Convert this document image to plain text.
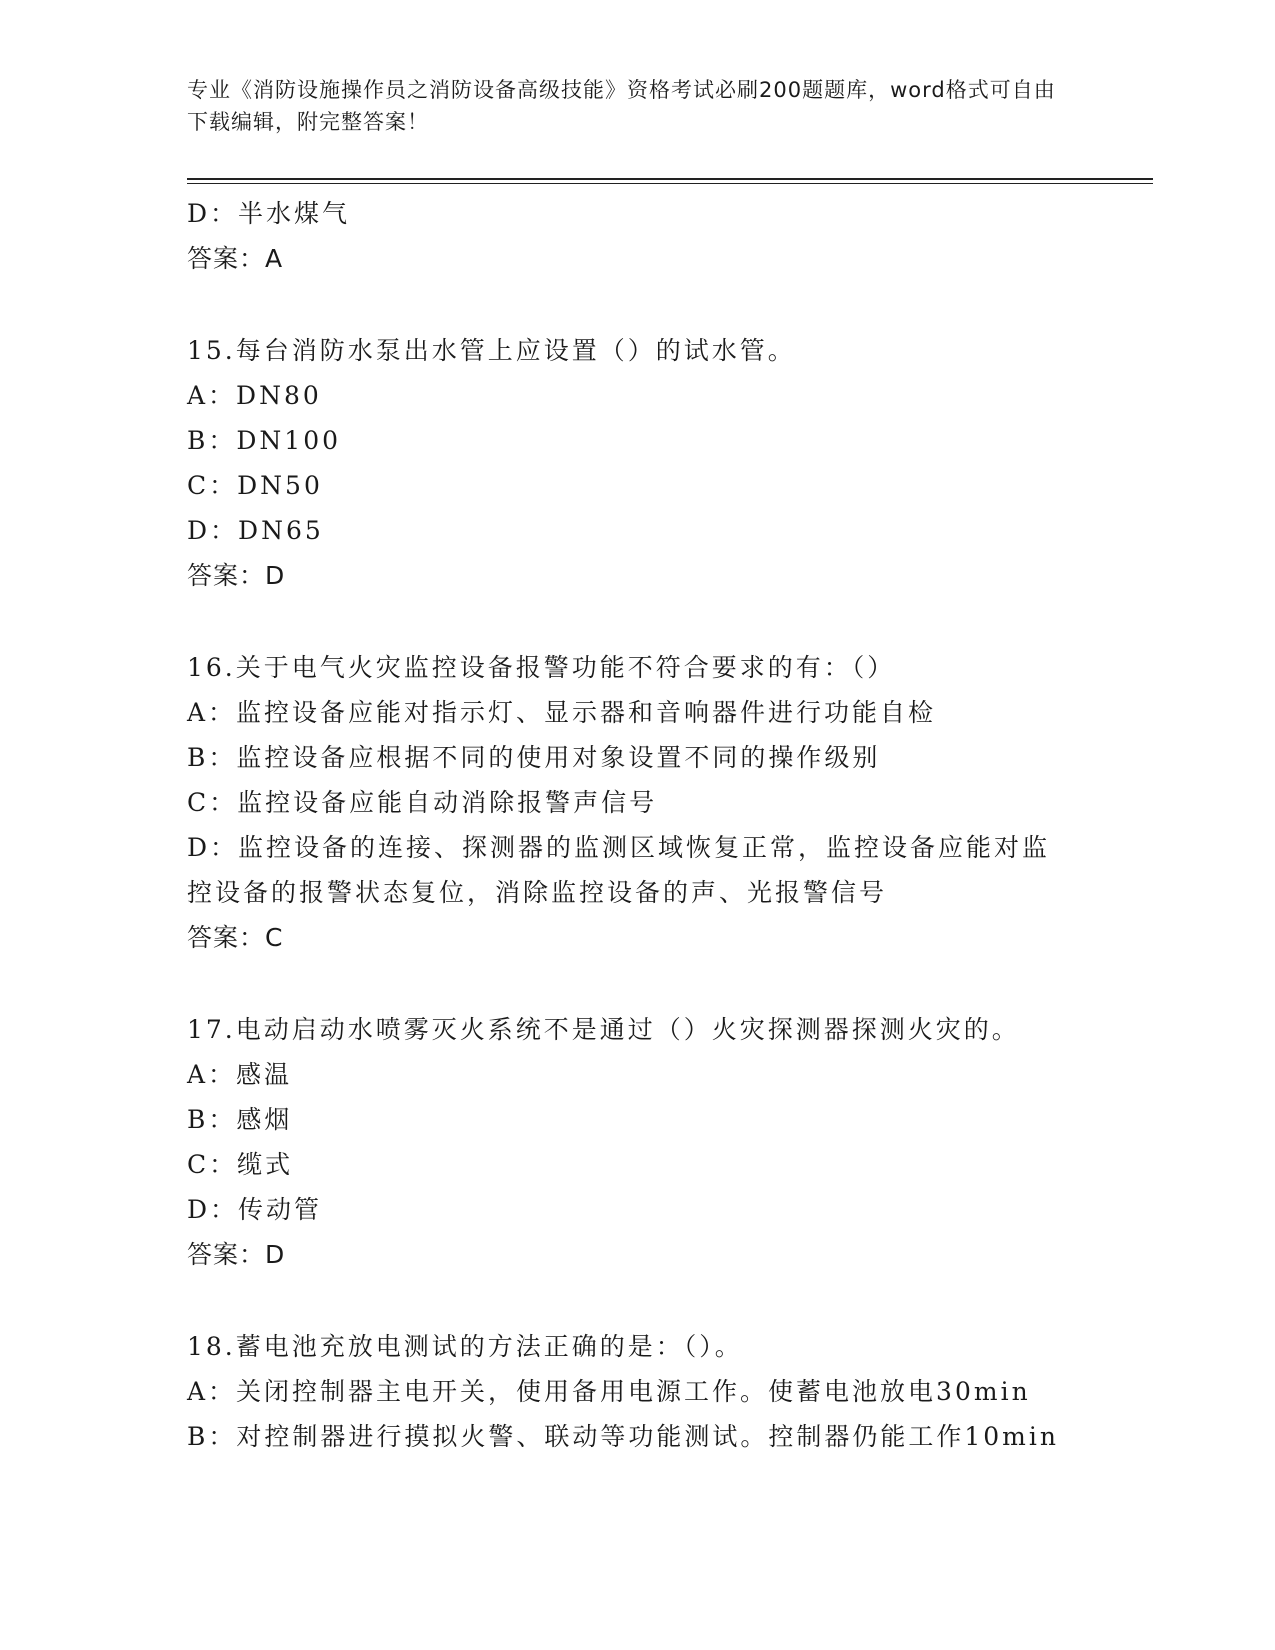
专业《消防设施操作员之消防设备高级技能》资格考试必刷200题题库，word格式可自由下载编辑，附完整答案！
D：半水煤气
答案：A
15.每台消防水泵出水管上应设置（）的试水管。
A：DN80
B：DN100
C：DN50
D：DN65
答案：D
16.关于电气火灾监控设备报警功能不符合要求的有：（）
A：监控设备应能对指示灯、显示器和音响器件进行功能自检
B：监控设备应根据不同的使用对象设置不同的操作级别
C：监控设备应能自动消除报警声信号
D：监控设备的连接、探测器的监测区域恢复正常，监控设备应能对监控设备的报警状态复位，消除监控设备的声、光报警信号
答案：C
17.电动启动水喷雾灭火系统不是通过（）火灾探测器探测火灾的。
A：感温
B：感烟
C：缆式
D：传动管
答案：D
18.蓄电池充放电测试的方法正确的是：（）。
A：关闭控制器主电开关，使用备用电源工作。使蓄电池放电30min
B：对控制器进行摸拟火警、联动等功能测试。控制器仍能工作10min
